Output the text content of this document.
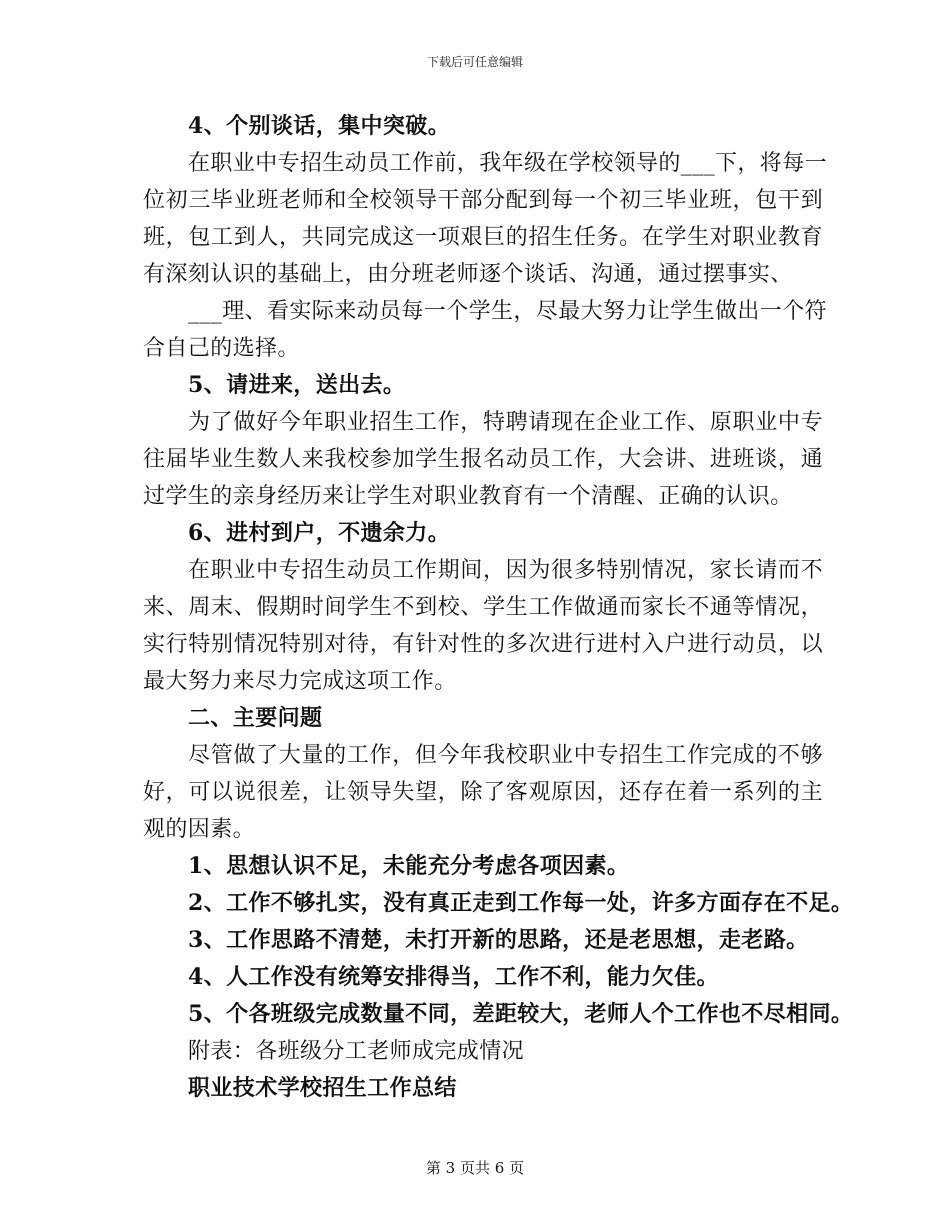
下载后可任意编辑
4、个别谈话，集中突破。
在职业中专招生动员工作前，我年级在学校领导的___下，将每一
位初三毕业班老师和全校领导干部分配到每一个初三毕业班，包干到
班，包工到人，共同完成这一项艰巨的招生任务。在学生对职业教育
有深刻认识的基础上，由分班老师逐个谈话、沟通，通过摆事实、
___理、看实际来动员每一个学生，尽最大努力让学生做出一个符
合自己的选择。
5、请进来，送出去。
为了做好今年职业招生工作，特聘请现在企业工作、原职业中专
往届毕业生数人来我校参加学生报名动员工作，大会讲、进班谈，通
过学生的亲身经历来让学生对职业教育有一个清醒、正确的认识。
6、进村到户，不遗余力。
在职业中专招生动员工作期间，因为很多特别情况，家长请而不
来、周末、假期时间学生不到校、学生工作做通而家长不通等情况，
实行特别情况特别对待，有针对性的多次进行进村入户进行动员，以
最大努力来尽力完成这项工作。
二、主要问题
尽管做了大量的工作，但今年我校职业中专招生工作完成的不够
好，可以说很差，让领导失望，除了客观原因，还存在着一系列的主
观的因素。
1、思想认识不足，未能充分考虑各项因素。
2、工作不够扎实，没有真正走到工作每一处，许多方面存在不足。
3、工作思路不清楚，未打开新的思路，还是老思想，走老路。
4、人工作没有统筹安排得当，工作不利，能力欠佳。
5、个各班级完成数量不同，差距较大，老师人个工作也不尽相同。
附表：各班级分工老师成完成情况
职业技术学校招生工作总结
第 3 页共 6 页
